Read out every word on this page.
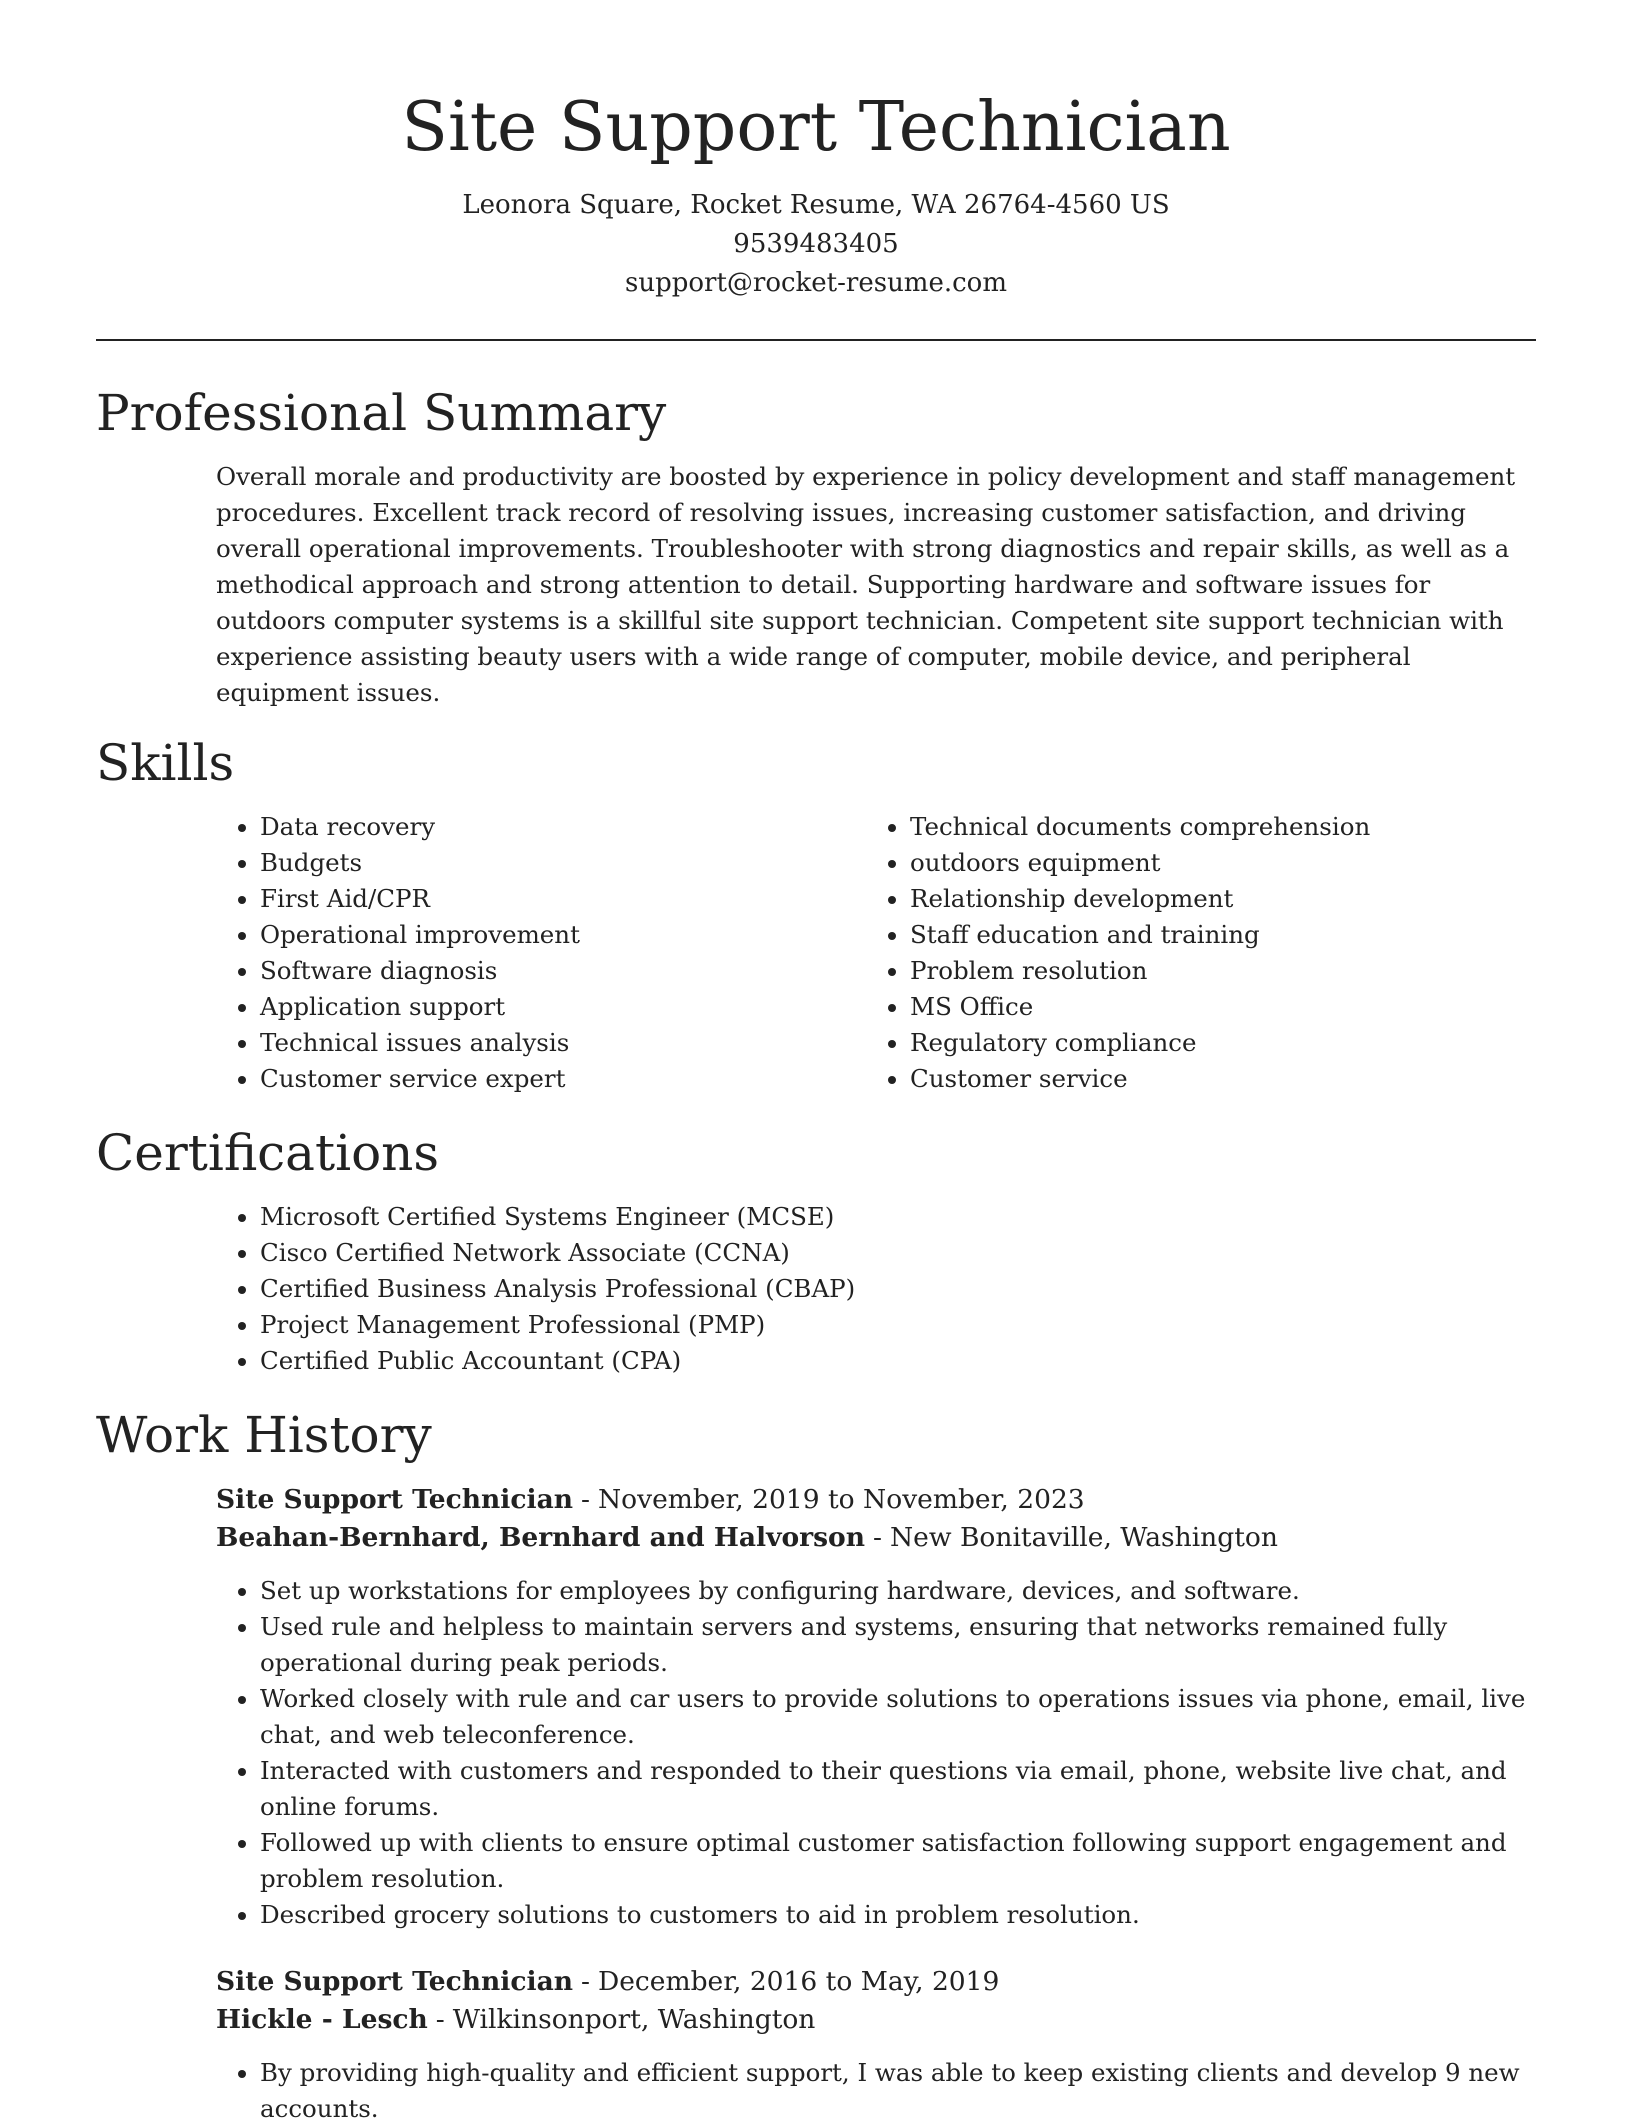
Site Support Technician
Leonora Square, Rocket Resume, WA 26764-4560 US
9539483405
support@rocket-resume.com
Professional Summary

Overall morale and productivity are boosted by experience in policy development and staff management procedures. Excellent track record of resolving issues, increasing customer satisfaction, and driving overall operational improvements. Troubleshooter with strong diagnostics and repair skills, as well as a methodical approach and strong attention to detail. Supporting hardware and software issues for outdoors computer systems is a skillful site support technician. Competent site support technician with experience assisting beauty users with a wide range of computer, mobile device, and peripheral equipment issues.

Skills
• Data recovery
• Budgets
• First Aid/CPR
• Operational improvement
• Software diagnosis
• Application support
• Technical issues analysis
• Customer service expert
• Technical documents comprehension
• outdoors equipment
• Relationship development
• Staff education and training
• Problem resolution
• MS Office
• Regulatory compliance
• Customer service
Certifications
• Microsoft Certified Systems Engineer (MCSE)
• Cisco Certified Network Associate (CCNA)
• Certified Business Analysis Professional (CBAP)
• Project Management Professional (PMP)
• Certified Public Accountant (CPA)
Work History
Site Support Technician - November, 2019 to November, 2023
Beahan-Bernhard, Bernhard and Halvorson - New Bonitaville, Washington
• Set up workstations for employees by configuring hardware, devices, and software.
• Used rule and helpless to maintain servers and systems, ensuring that networks remained fully operational during peak periods.
• Worked closely with rule and car users to provide solutions to operations issues via phone, email, live chat, and web teleconference.
• Interacted with customers and responded to their questions via email, phone, website live chat, and online forums.
• Followed up with clients to ensure optimal customer satisfaction following support engagement and problem resolution.
• Described grocery solutions to customers to aid in problem resolution.
Site Support Technician - December, 2016 to May, 2019
Hickle - Lesch - Wilkinsonport, Washington
• By providing high-quality and efficient support, I was able to keep existing clients and develop 9 new accounts.
